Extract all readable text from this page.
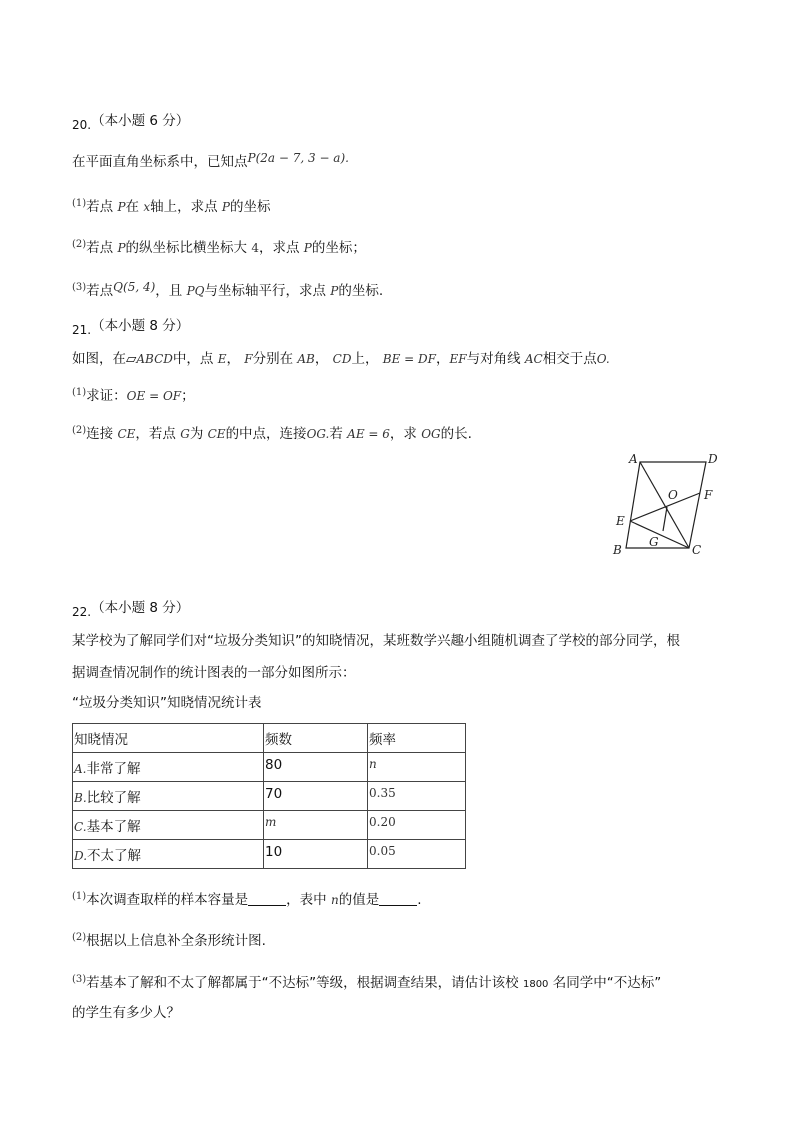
20.（本小题 6 分）
在平面直角坐标系中，已知点P(2a − 7, 3 − a).
$^{(1)}$若点 P在 x轴上，求点 P的坐标
$^{(2)}$若点 P的纵坐标比横坐标大 4，求点 P的坐标；
$^{(3)}$若点Q(5, 4)，且 PQ与坐标轴平行，求点 P的坐标.
21.（本小题 8 分）
如图，在▱ABCD中，点 E， F分别在 AB， CD上， BE = DF，EF与对角线 AC相交于点O.
$^{(1)}$求证：OE = OF；
$^{(2)}$连接 CE，若点 G为 CE的中点，连接OG.若 AE = 6，求 OG的长.
A	D
O F
E
G
B	C
22.（本小题 8 分）
某学校为了解同学们对“垃圾分类知识”的知晓情况，某班数学兴趣小组随机调查了学校的部分同学，根
据调查情况制作的统计图表的一部分如图所示：
“垃圾分类知识”知晓情况统计表
知晓情况	频数	频率
A.非常了解	80	n
B.比较了解	70	0.35
C.基本了解	m	0.20
D.不太了解	10	0.05
$^{(1)}$本次调查取样的样本容量是	，表中 n的值是	.
$^{(2)}$根据以上信息补全条形统计图.
$^{(3)}$若基本了解和不太了解都属于“不达标”等级，根据调查结果，请估计该校 1800 名同学中“不达标”
的学生有多少人？
